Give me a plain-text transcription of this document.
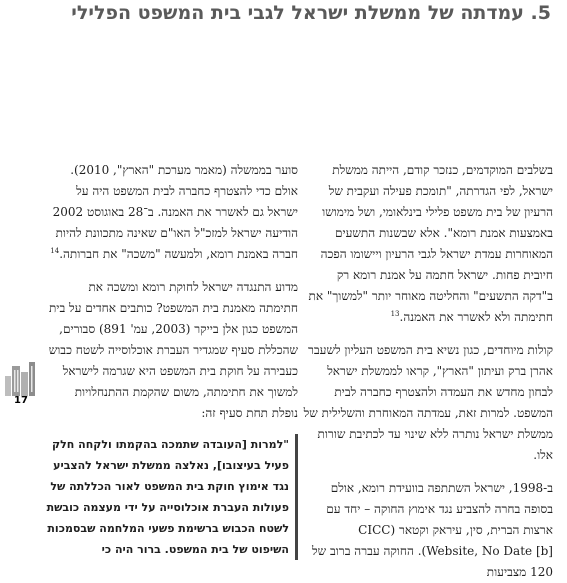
5. עמדתה של ממשלת ישראל לגבי בית המשפט הפלילי

בשלבים המוקדמים, כנזכר קודם, הייתה ממשלת ישראל, לפי הגדרתה, "תומכת פעילה ועקבית של הרעיון של בית משפט פלילי בינלאומי, ושל מימושו באמצעות אמנת רומא". אלא שבשנות התשעים המאוחרות עמדת ישראל לגבי הרעיון ויישומו הפכה חיובית פחות. ישראל חתמה על אמנת רומא רק ב"דקה התשעים" והחליטה מאוחר יותר "למשוך" את חתימתה ולא לאשרר את האמנה.$^{13}$

קולות מיוחדים, כגון נשיא בית המשפט העליון לשעבר אהרן ברק ועיתון "הארץ", קראו לממשלת ישראל לבחון מחדש את העמדה ולהצטרף כחברה לבית המשפט. למרות זאת, עמדתה המאוחרת והשלילית של ממשלת ישראל נותרה ללא שינוי עד לכתיבת שורות אלו.

ב-1998, ישראל השתתפה בוועידת רומא, אולם בסופה בחרה להצביע נגד אימוץ החוקה – יחד עם ארצות הברית, סין, עיראק וקטאר (CICC Website, No Date [b]). החוקה עברה ברוב של 120 מצביעות

סוער בממשלה (מאמר מערכת "הארץ", 2010). אולם כדי להצטרף כחברה לבית המשפט היה על ישראל גם לאשרר את האמנה. ב־28 באוגוסט 2002 הודיעה ישראל למזכ"ל האו"ם שאינה מתכוונת להיות חברה באמנת רומא, ולמעשה "משכה" את חברותה.$^{14}$

מדוע התנגדה ישראל לחוקת רומא ומשכה את חתימתה מאמנת בית המשפט? כותבים אחדים על בית המשפט כגון אלן בייקר (2003, עמ' 891) סבורים, שהכללת סעיף שמגדיר העברת אוכלוסייה לשטח כבוש כעבירה על חוקת בית המשפט היא שגרמה לישראל למשוך את חתימתה, משום שהקמת ההתנחלויות נופלת תחת סעיף זה:

"למרות [העובדה שתמכה בהקמתו ולקחה חלק פעיל בעיצובו], נאלצה ממשלת ישראל להצביע נגד אימוץ חוקת בית המשפט לאור הכללתה של פעולות העברת אוכלוסייה על ידי מעצמה כובשת לשטח הכבוש ברשימת פשעי המלחמה שבסמכות השיפוט של בית המשפט. ברור היה כי
17
